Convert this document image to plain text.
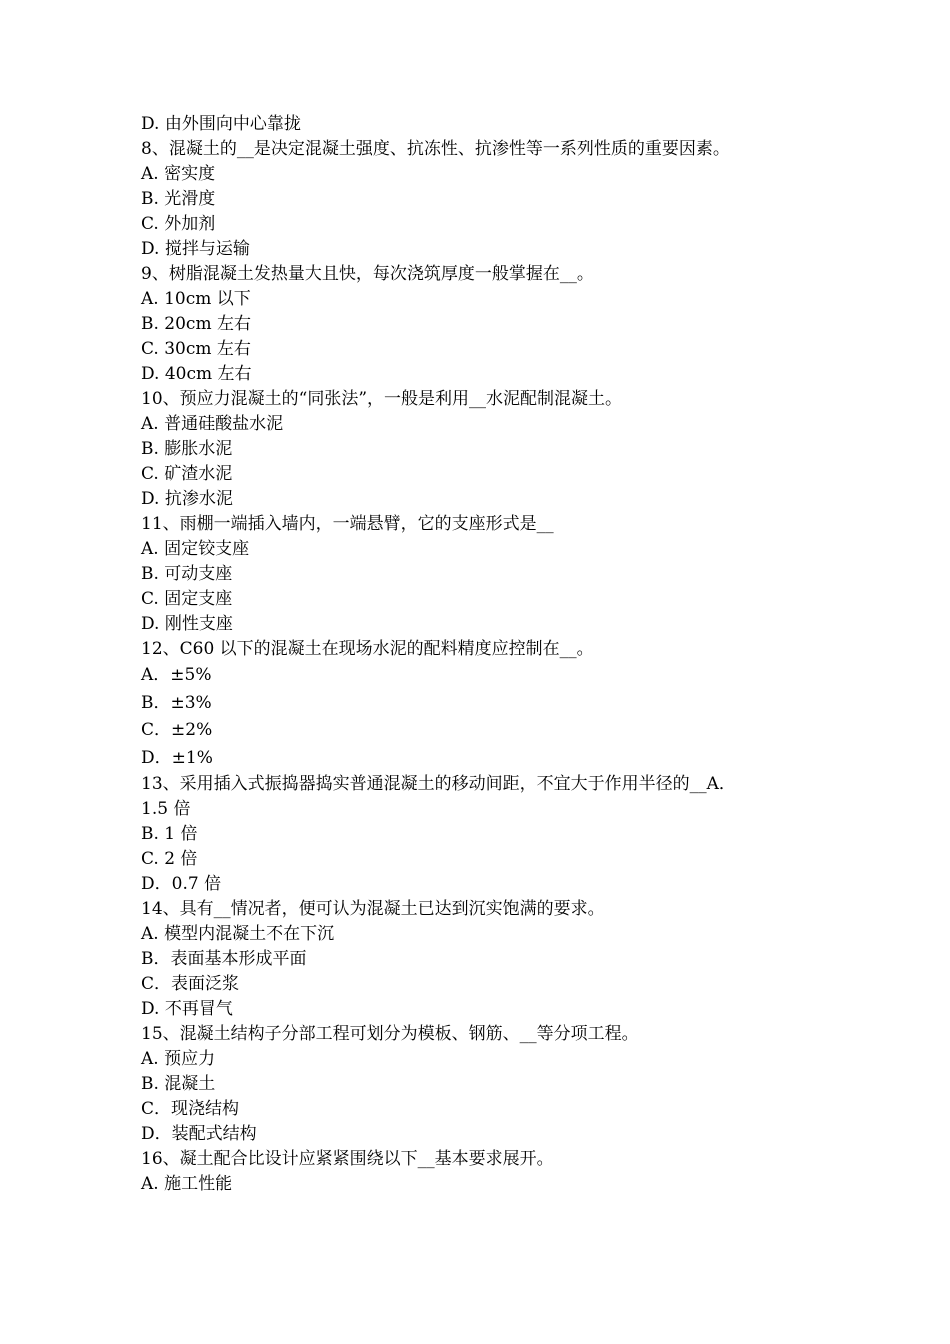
D. 由外围向中心靠拢
8、混凝土的__是决定混凝土强度、抗冻性、抗渗性等一系列性质的重要因素。
A. 密实度
B. 光滑度
C. 外加剂
D. 搅拌与运输
9、树脂混凝土发热量大且快，每次浇筑厚度一般掌握在__。
A. 10cm 以下
B. 20cm 左右
C. 30cm 左右
D. 40cm 左右
10、预应力混凝土的“同张法”，一般是利用__水泥配制混凝土。
A. 普通硅酸盐水泥
B. 膨胀水泥
C. 矿渣水泥
D. 抗渗水泥
11、雨棚一端插入墙内，一端悬臂，它的支座形式是__
A. 固定铰支座
B. 可动支座
C. 固定支座
D. 刚性支座
12、C60 以下的混凝土在现场水泥的配料精度应控制在__。
A．±5%
B．±3%
C．±2%
D．±1%
13、采用插入式振捣器捣实普通混凝土的移动间距，不宜大于作用半径的__A．
1.5 倍
B. 1 倍
C. 2 倍
D．0.7 倍
14、具有__情况者，便可认为混凝土已达到沉实饱满的要求。
A. 模型内混凝土不在下沉
B．表面基本形成平面
C．表面泛浆
D. 不再冒气
15、混凝土结构子分部工程可划分为模板、钢筋、__等分项工程。
A. 预应力
B. 混凝土
C．现浇结构
D．装配式结构
16、凝土配合比设计应紧紧围绕以下__基本要求展开。
A. 施工性能
